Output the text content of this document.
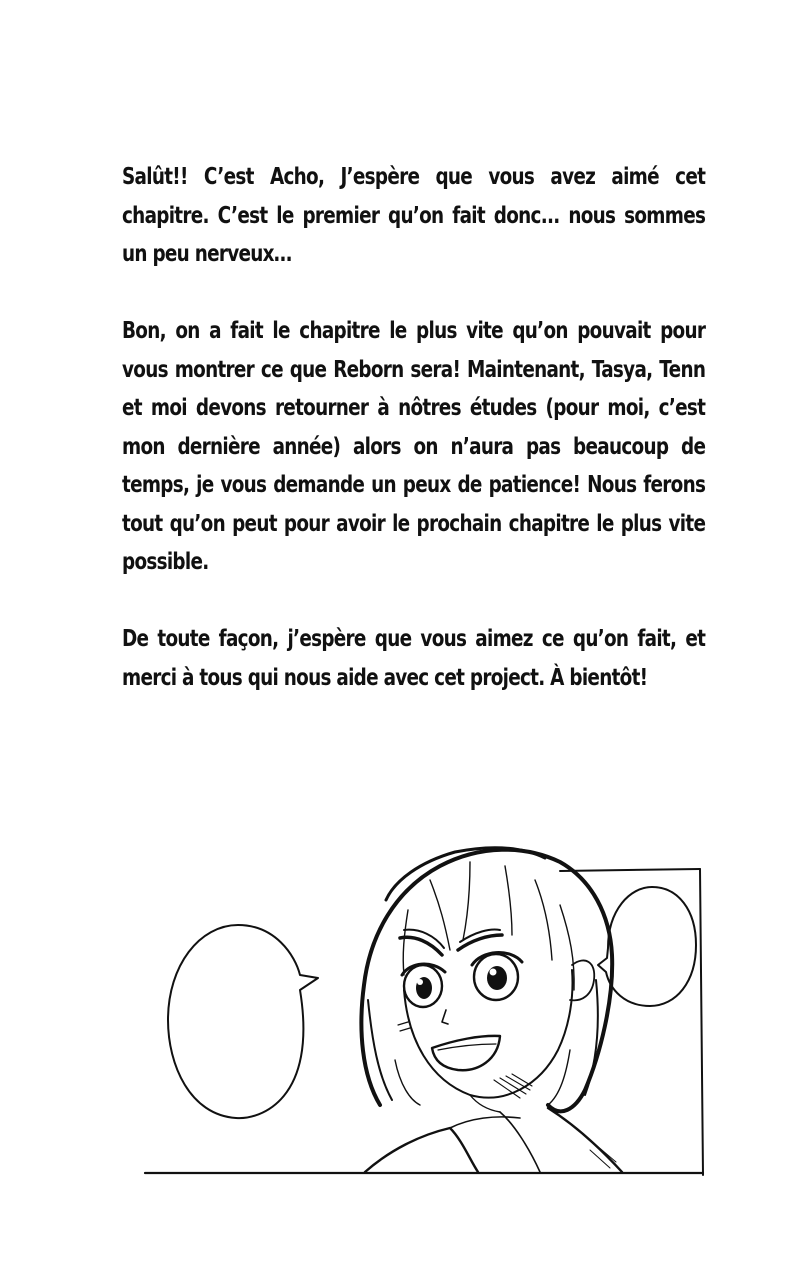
Salût!! C’est Acho, J’espère que vous avez aimé cet chapitre. C’est le premier qu’on fait donc... nous sommes un peu nerveux…

Bon, on a fait le chapitre le plus vite qu’on pouvait pour vous montrer ce que Reborn sera! Maintenant, Tasya, Tenn et moi devons retourner à nôtres études (pour moi, c’est mon dernière année) alors on n’aura pas beaucoup de temps, je vous demande un peux de patience! Nous ferons tout qu’on peut pour avoir le prochain chapitre le plus vite possible.

De toute façon, j’espère que vous aimez ce qu’on fait, et merci à tous qui nous aide avec cet project. À bientôt!
